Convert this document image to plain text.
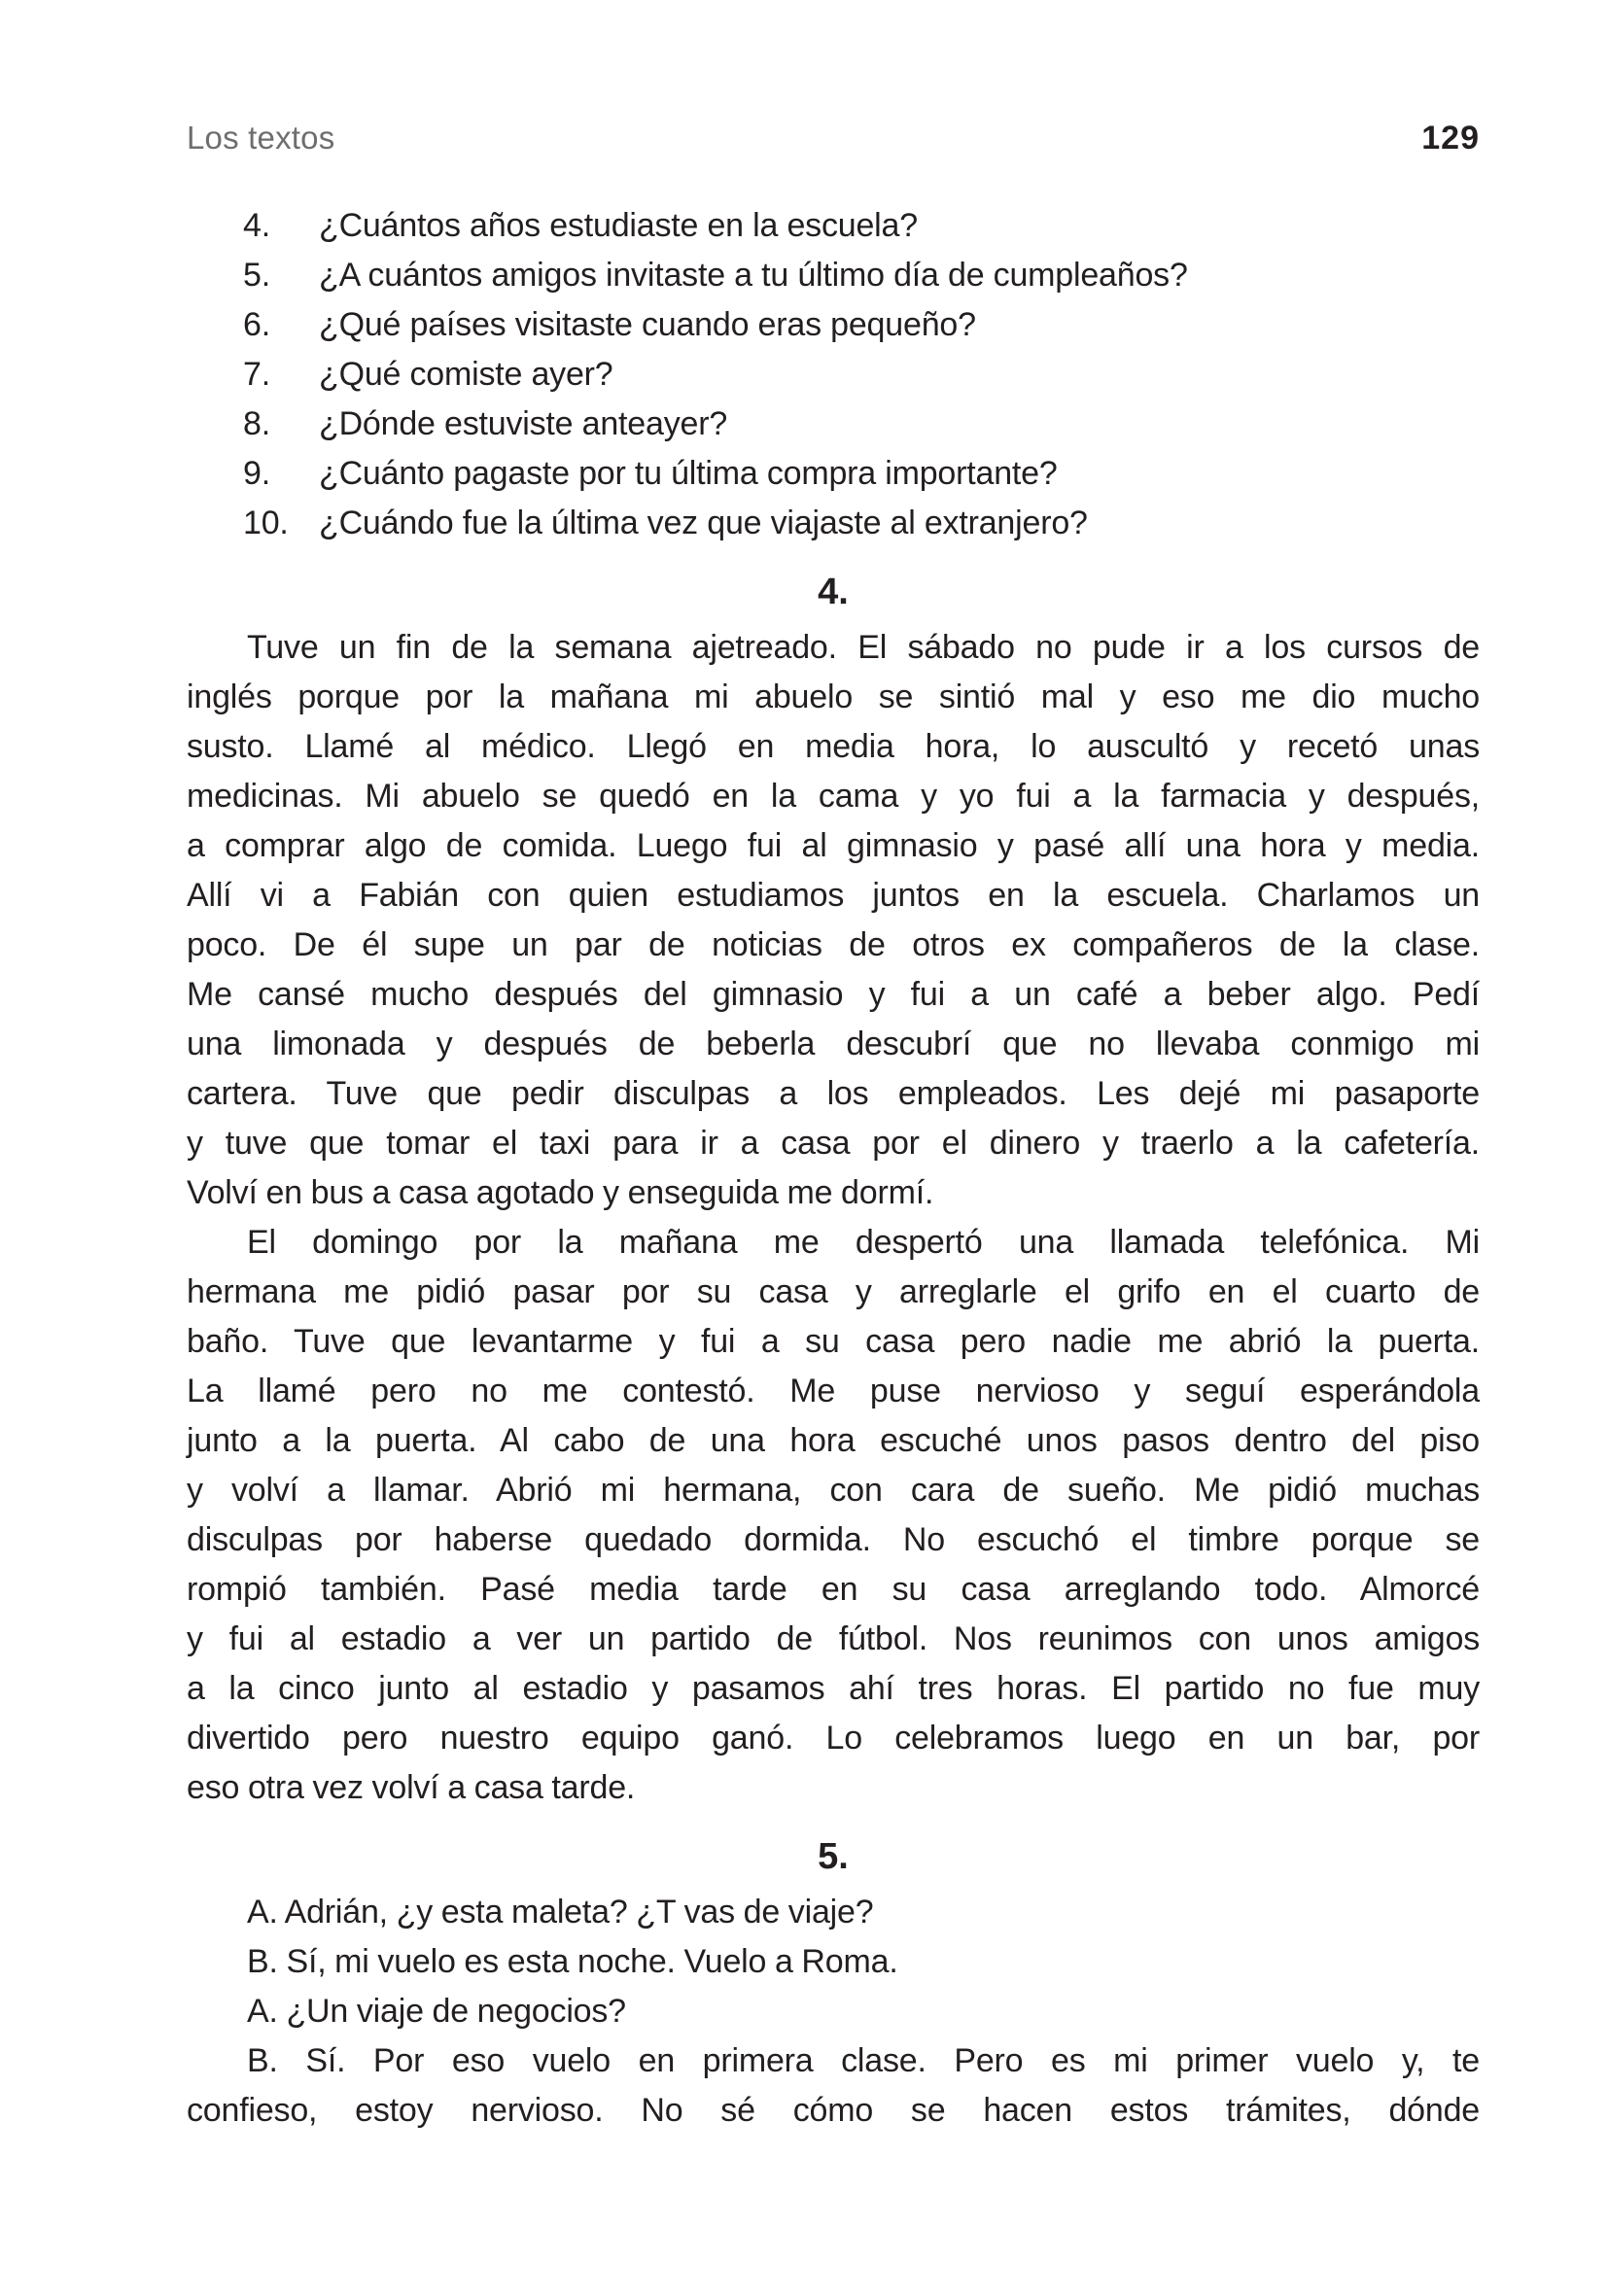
Los textos	129
4.	¿Cuántos años estudiaste en la escuela?
5.	¿A cuántos amigos invitaste a tu último día de cumpleaños?
6.	¿Qué países visitaste cuando eras pequeño?
7.	¿Qué comiste ayer?
8.	¿Dónde estuviste anteayer?
9.	¿Cuánto pagaste por tu última compra importante?
10. ¿Cuándo fue la última vez que viajaste al extranjero?
4.
Tuve un fin de la semana ajetreado. El sábado no pude ir a los cursos de
inglés porque por la mañana mi abuelo se sintió mal y eso me dio mucho
susto. Llamé al médico. Llegó en media hora, lo auscultó y recetó unas
medicinas. Mi abuelo se quedó en la cama y yo fui a la farmacia y después,
a comprar algo de comida. Luego fui al gimnasio y pasé allí una hora y media.
Allí vi a Fabián con quien estudiamos juntos en la escuela. Charlamos un
poco. De él supe un par de noticias de otros ex compañeros de la clase.
Me cansé mucho después del gimnasio y fui a un café a beber algo. Pedí
una limonada y después de beberla descubrí que no llevaba conmigo mi
cartera. Tuve que pedir disculpas a los empleados. Les dejé mi pasaporte
y tuve que tomar el taxi para ir a casa por el dinero y traerlo a la cafetería.
Volví en bus a casa agotado y enseguida me dormí.
El domingo por la mañana me despertó una llamada telefónica. Mi
hermana me pidió pasar por su casa y arreglarle el grifo en el cuarto de
baño. Tuve que levantarme y fui a su casa pero nadie me abrió la puerta.
La llamé pero no me contestó. Me puse nervioso y seguí esperándola
junto a la puerta. Al cabo de una hora escuché unos pasos dentro del piso
y volví a llamar. Abrió mi hermana, con cara de sueño. Me pidió muchas
disculpas por haberse quedado dormida. No escuchó el timbre porque se
rompió también. Pasé media tarde en su casa arreglando todo. Almorcé
y fui al estadio a ver un partido de fútbol. Nos reunimos con unos amigos
a la cinco junto al estadio y pasamos ahí tres horas. El partido no fue muy
divertido pero nuestro equipo ganó. Lo celebramos luego en un bar, por
eso otra vez volví a casa tarde.
5.
A. Adrián, ¿y esta maleta? ¿T vas de viaje?
B. Sí, mi vuelo es esta noche. Vuelo a Roma.
A. ¿Un viaje de negocios?
B. Sí. Por eso vuelo en primera clase. Pero es mi primer vuelo y, te
confieso, estoy nervioso. No sé cómo se hacen estos trámites, dónde
